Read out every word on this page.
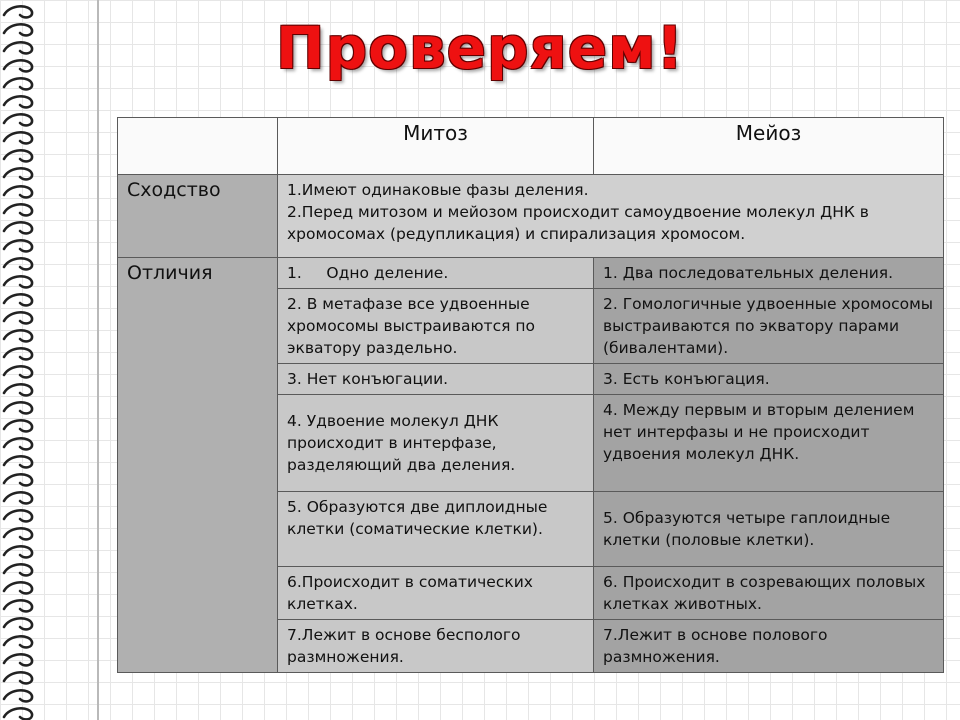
Проверяем!
	Митоз	Мейоз
Сходство	1.Имеют одинаковые фазы деления.
2.Перед митозом и мейозом происходит самоудвоение молекул ДНК в хромосомах (редупликация) и спирализация хромосом.	

Отличия	1.     Одно деление.	1. Два последовательных деления.
	2. В метафазе все удвоенные хромосомы выстраиваются по экватору раздельно.	2. Гомологичные удвоенные хромосомы выстраиваются по экватору парами (бивалентами).
	3. Нет конъюгации.	3. Есть конъюгация.
	4. Удвоение молекул ДНК происходит в интерфазе, разделяющий два деления.	4. Между первым и вторым делением нет интерфазы и не происходит удвоения молекул ДНК.
	5. Образуются две диплоидные клетки (соматические клетки).	5. Образуются четыре гаплоидные клетки (половые клетки).
	6.Происходит в соматических клетках.	6. Происходит в созревающих половых клетках животных.
	7.Лежит в основе бесполого размножения.	7.Лежит в основе полового размножения.
